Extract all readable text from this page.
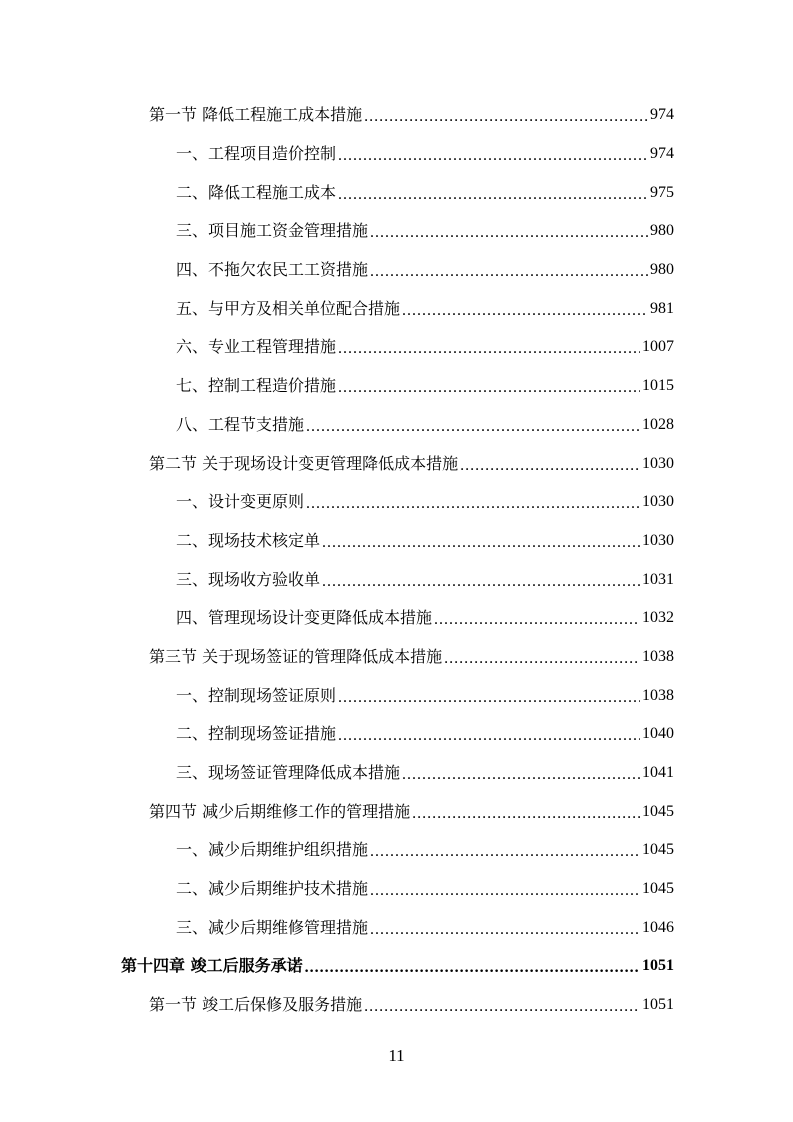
第一节 降低工程施工成本措施 .....	974
一、工程项目造价控制 .....	974
二、降低工程施工成本 .....	975
三、项目施工资金管理措施 .....	980
四、不拖欠农民工工资措施 .....	980
五、与甲方及相关单位配合措施 .....	981
六、专业工程管理措施 .....	1007
七、控制工程造价措施 .....	1015
八、工程节支措施 .....	1028
第二节 关于现场设计变更管理降低成本措施 .....	1030
一、设计变更原则 .....	1030
二、现场技术核定单 .....	1030
三、现场收方验收单 .....	1031
四、管理现场设计变更降低成本措施 .....	1032
第三节 关于现场签证的管理降低成本措施 .....	1038
一、控制现场签证原则 .....	1038
二、控制现场签证措施 .....	1040
三、现场签证管理降低成本措施 .....	1041
第四节 减少后期维修工作的管理措施 .....	1045
一、减少后期维护组织措施 .....	1045
二、减少后期维护技术措施 .....	1045
三、减少后期维修管理措施 .....	1046
第十四章 竣工后服务承诺 .....	1051
第一节 竣工后保修及服务措施 .....	1051
11
